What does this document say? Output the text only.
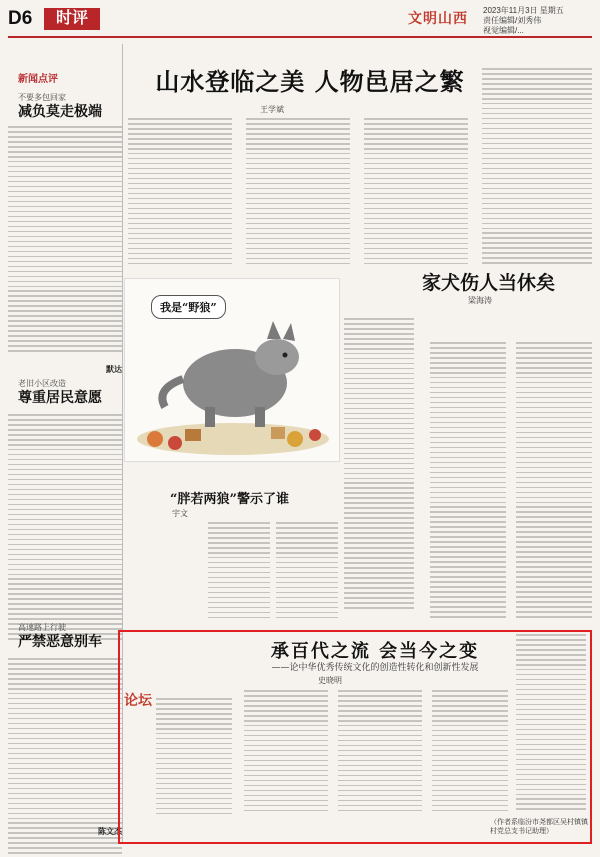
D6	时评	文明山西
2023年11月3日 星期五
责任编辑/刘秀伟
视觉编辑/...
新闻点评
不要多包回家
减负莫走极端
默达
老旧小区改造
尊重居民意愿
高速路上行驶
严禁恶意别车
陈文杰
山水登临之美 人物邑居之繁
王学斌
我是“野狼”
“胖若两狼”警示了谁
宇文
家犬伤人当休矣
梁海涛
承百代之流 会当今之变
——论中华优秀传统文化的创造性转化和创新性发展
史晓明
论坛
（作者系临汾市尧都区吴村镇镇村党总支书记助理）
